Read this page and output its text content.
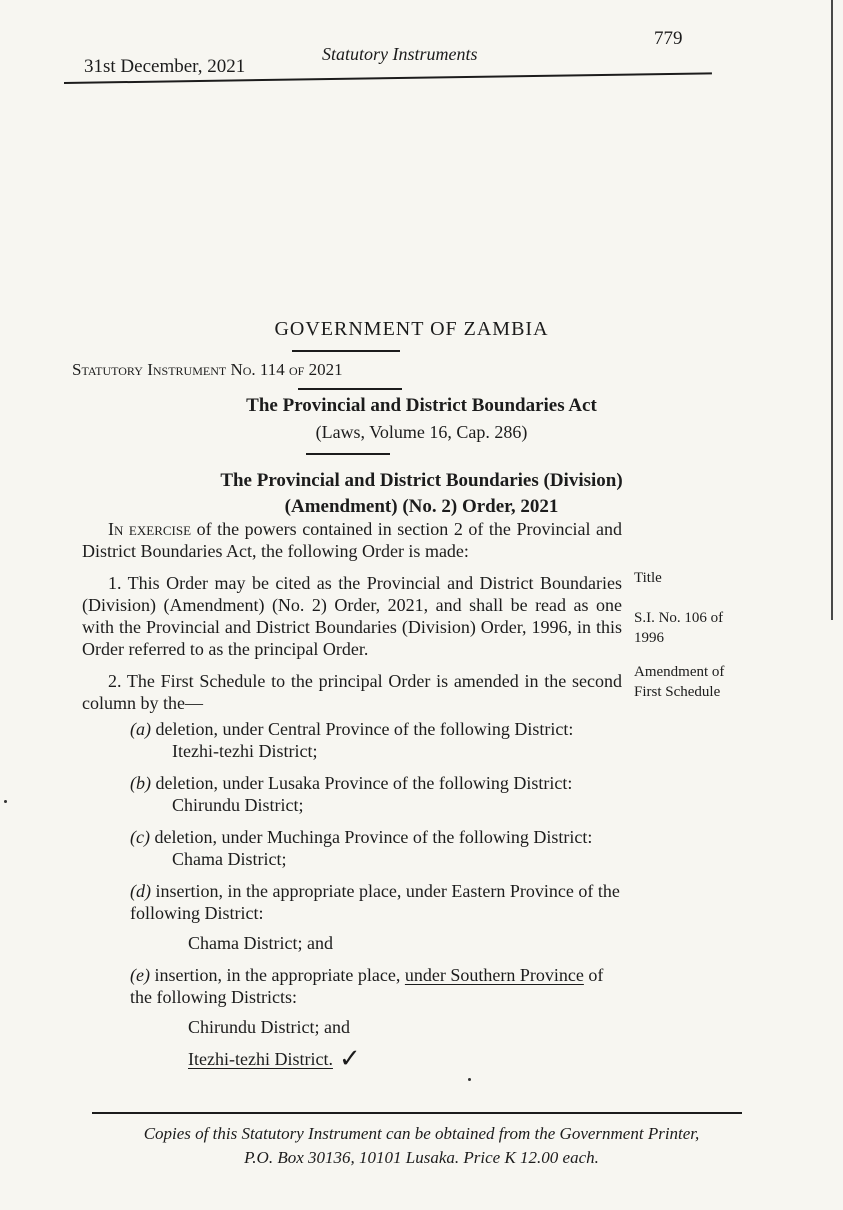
31st December, 2021
Statutory Instruments
779
GOVERNMENT OF ZAMBIA
Statutory Instrument No. 114 of 2021
The Provincial and District Boundaries Act
(Laws, Volume 16, Cap. 286)
The Provincial and District Boundaries (Division)
(Amendment) (No. 2) Order, 2021

In exercise of the powers contained in section 2 of the Provincial and District Boundaries Act, the following Order is made:

1. This Order may be cited as the Provincial and District Boundaries (Division) (Amendment) (No. 2) Order, 2021, and shall be read as one with the Provincial and District Boundaries (Division) Order, 1996, in this Order referred to as the principal Order.

2. The First Schedule to the principal Order is amended in the second column by the—

(a) deletion, under Central Province of the following District:
Itezhi-tezhi District;
(b) deletion, under Lusaka Province of the following District:
Chirundu District;
(c) deletion, under Muchinga Province of the following District:
Chama District;
(d) insertion, in the appropriate place, under Eastern Province of the following District:
Chama District; and
(e) insertion, in the appropriate place, under Southern Province of the following Districts:
Chirundu District; and
Itezhi-tezhi District. ✓
Title
S.I. No. 106 of 1996
Amendment of First Schedule
Copies of this Statutory Instrument can be obtained from the Government Printer,
P.O. Box 30136, 10101 Lusaka. Price K 12.00 each.
